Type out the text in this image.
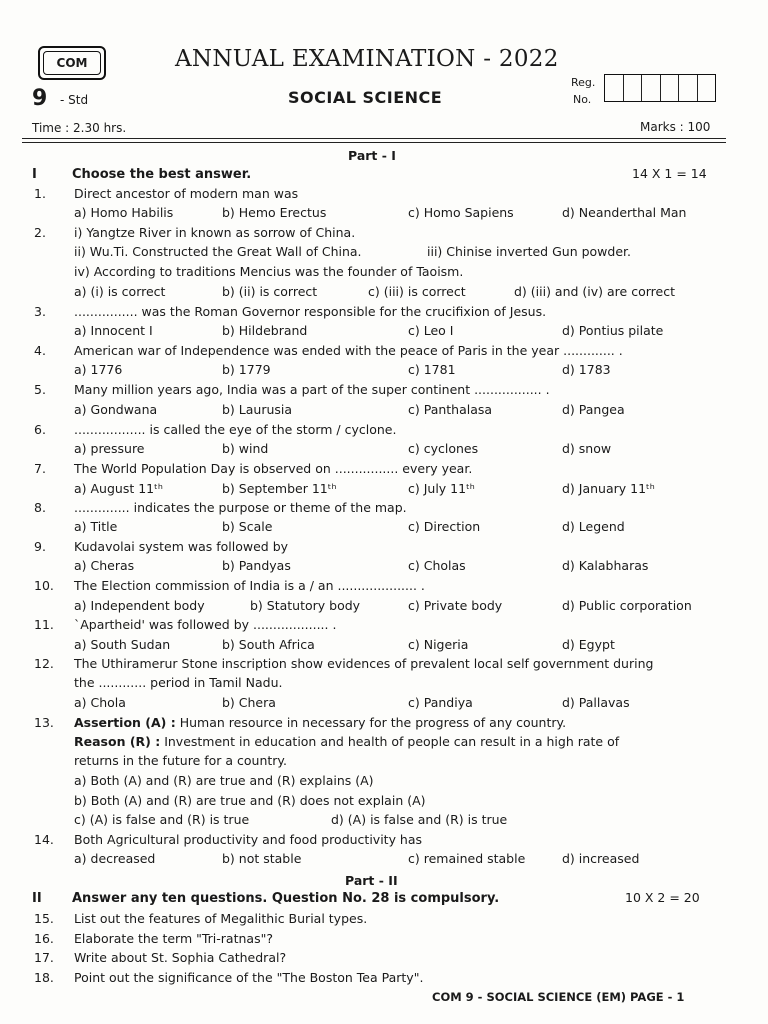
COM	ANNUAL EXAMINATION - 2022
9 - Std	SOCIAL SCIENCE
Reg.
No.
Time : 2.30 hrs.	Marks : 100
Part - I
I	Choose the best answer.	14 X 1 = 14
1. Direct ancestor of modern man was
a) Homo Habilis	b) Hemo Erectus	c) Homo Sapiens	d) Neanderthal Man
2. i) Yangtze River in known as sorrow of China.
ii) Wu.Ti. Constructed the Great Wall of China.	iii) Chinise inverted Gun powder.
iv) According to traditions Mencius was the founder of Taoism.
a) (i) is correct	b) (ii) is correct	c) (iii) is correct	d) (iii) and (iv) are correct
3. ................ was the Roman Governor responsible for the crucifixion of Jesus.
a) Innocent I	b) Hildebrand	c) Leo I	d) Pontius pilate
4. American war of Independence was ended with the peace of Paris in the year ............. .
a) 1776	b) 1779	c) 1781	d) 1783
5. Many million years ago, India was a part of the super continent ................. .
a) Gondwana	b) Laurusia	c) Panthalasa	d) Pangea
6. .................. is called the eye of the storm / cyclone.
a) pressure	b) wind	c) cyclones	d) snow
7. The World Population Day is observed on ................ every year.
a) August 11ᵗʰ	b) September 11ᵗʰ	c) July 11ᵗʰ	d) January 11ᵗʰ
8. .............. indicates the purpose or theme of the map.
a) Title	b) Scale	c) Direction	d) Legend
9. Kudavolai system was followed by
a) Cheras	b) Pandyas	c) Cholas	d) Kalabharas
10. The Election commission of India is a / an .................... .
a) Independent body	b) Statutory body	c) Private body	d) Public corporation
11. `Apartheid' was followed by ................... .
a) South Sudan	b) South Africa	c) Nigeria	d) Egypt
12. The Uthiramerur Stone inscription show evidences of prevalent local self government during
the ............ period in Tamil Nadu.
a) Chola	b) Chera	c) Pandiya	d) Pallavas
13. Assertion (A) : Human resource in necessary for the progress of any country.
Reason (R) : Investment in education and health of people can result in a high rate of
returns in the future for a country.
a) Both (A) and (R) are true and (R) explains (A)
b) Both (A) and (R) are true and (R) does not explain (A)
c) (A) is false and (R) is true	d) (A) is false and (R) is true
14. Both Agricultural productivity and food productivity has
a) decreased	b) not stable	c) remained stable	d) increased
Part - II
II Answer any ten questions. Question No. 28 is compulsory.	10 X 2 = 20
15. List out the features of Megalithic Burial types.
16. Elaborate the term "Tri-ratnas"?
17. Write about St. Sophia Cathedral?
18. Point out the significance of the "The Boston Tea Party".
COM 9 - SOCIAL SCIENCE (EM) PAGE - 1
